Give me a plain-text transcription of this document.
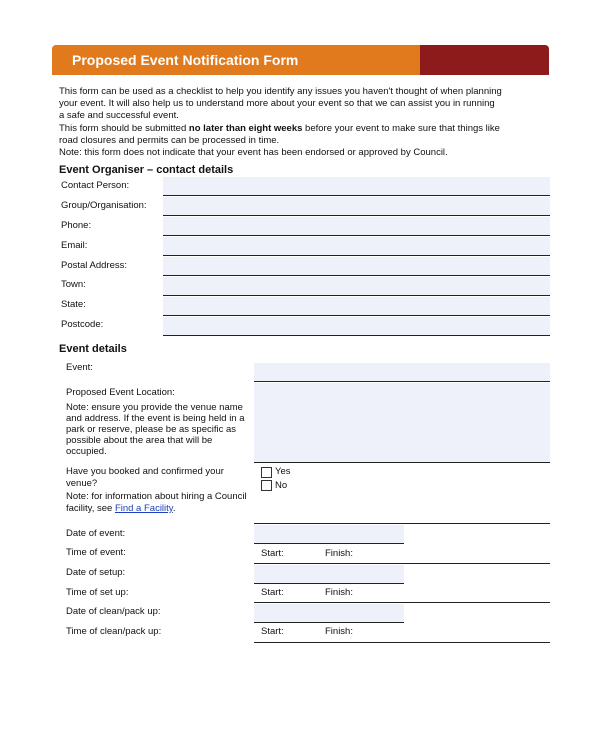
Proposed Event Notification Form

This form can be used as a checklist to help you identify any issues you haven't thought of when planning

your event. It will also help us to understand more about your event so that we can assist you in running

a safe and successful event.

This form should be submitted no later than eight weeks before your event to make sure that things like

road closures and permits can be processed in time.

Note: this form does not indicate that your event has been endorsed or approved by Council.

Event Organiser – contact details
Contact Person:
Group/Organisation:
Phone:
Email:
Postal Address:
Town:
State:
Postcode:
Event details
Event:
Proposed Event Location:
Note: ensure you provide the venue name
and address. If the event is being held in a
park or reserve, please be as specific as
possible about the area that will be
occupied.
Have you booked and confirmed your
venue?
Note: for information about hiring a Council
facility, see Find a Facility.
Yes
No
Date of event:
Time of event:	Start:	Finish:
Date of setup:
Time of set up:	Start:	Finish:
Date of clean/pack up:
Time of clean/pack up:	Start:	Finish:
